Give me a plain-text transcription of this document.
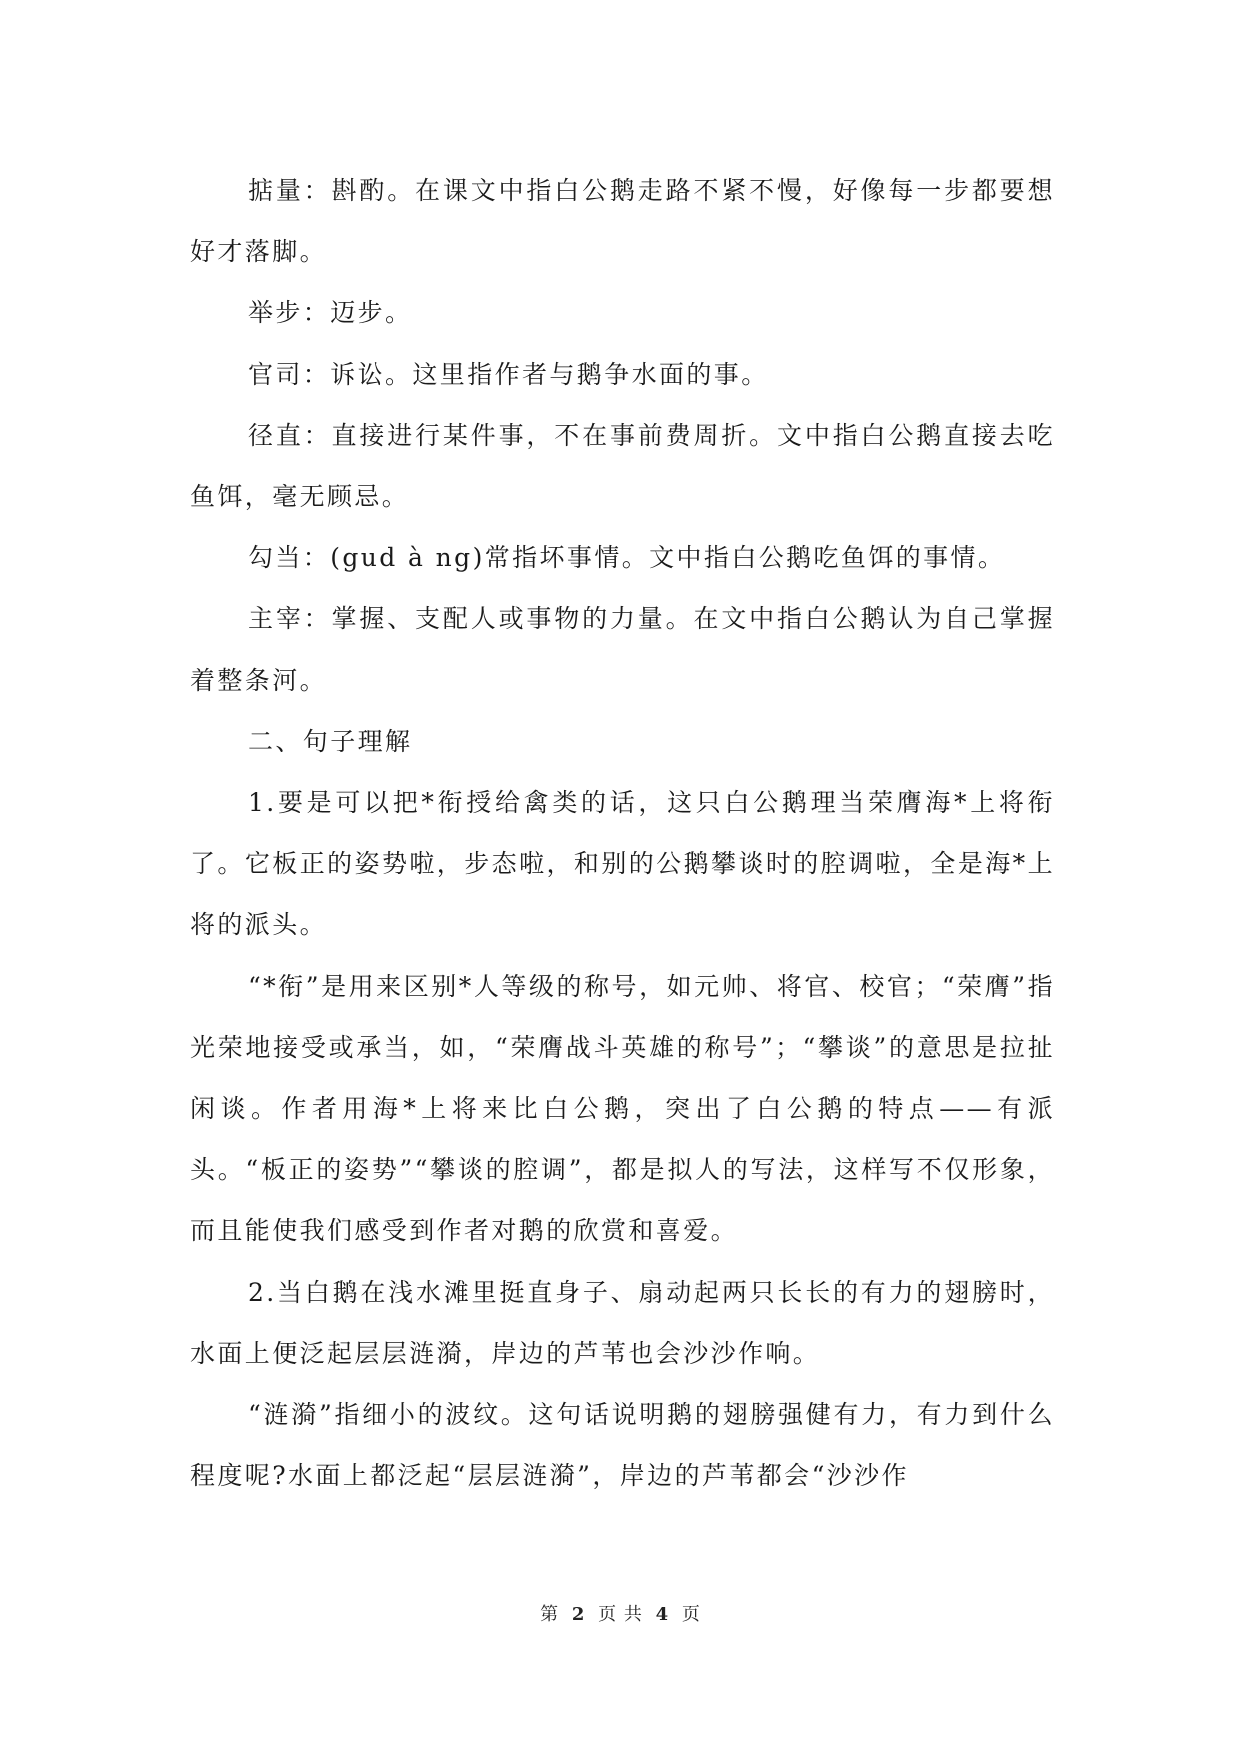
掂量：斟酌。在课文中指白公鹅走路不紧不慢，好像每一步都要想好才落脚。

举步：迈步。

官司：诉讼。这里指作者与鹅争水面的事。

径直：直接进行某件事，不在事前费周折。文中指白公鹅直接去吃鱼饵，毫无顾忌。

勾当：(gud à ng)常指坏事情。文中指白公鹅吃鱼饵的事情。

主宰：掌握、支配人或事物的力量。在文中指白公鹅认为自己掌握着整条河。

二、句子理解

1.要是可以把*衔授给禽类的话，这只白公鹅理当荣膺海*上将衔了。它板正的姿势啦，步态啦，和别的公鹅攀谈时的腔调啦，全是海*上将的派头。

“*衔”是用来区别*人等级的称号，如元帅、将官、校官；“荣膺”指光荣地接受或承当，如，“荣膺战斗英雄的称号”；“攀谈”的意思是拉扯闲谈。作者用海*上将来比白公鹅，突出了白公鹅的特点——有派头。“板正的姿势”“攀谈的腔调”，都是拟人的写法，这样写不仅形象，而且能使我们感受到作者对鹅的欣赏和喜爱。

2.当白鹅在浅水滩里挺直身子、扇动起两只长长的有力的翅膀时，水面上便泛起层层涟漪，岸边的芦苇也会沙沙作响。

“涟漪”指细小的波纹。这句话说明鹅的翅膀强健有力，有力到什么程度呢?水面上都泛起“层层涟漪”，岸边的芦苇都会“沙沙作

第 2 页 共 4 页
